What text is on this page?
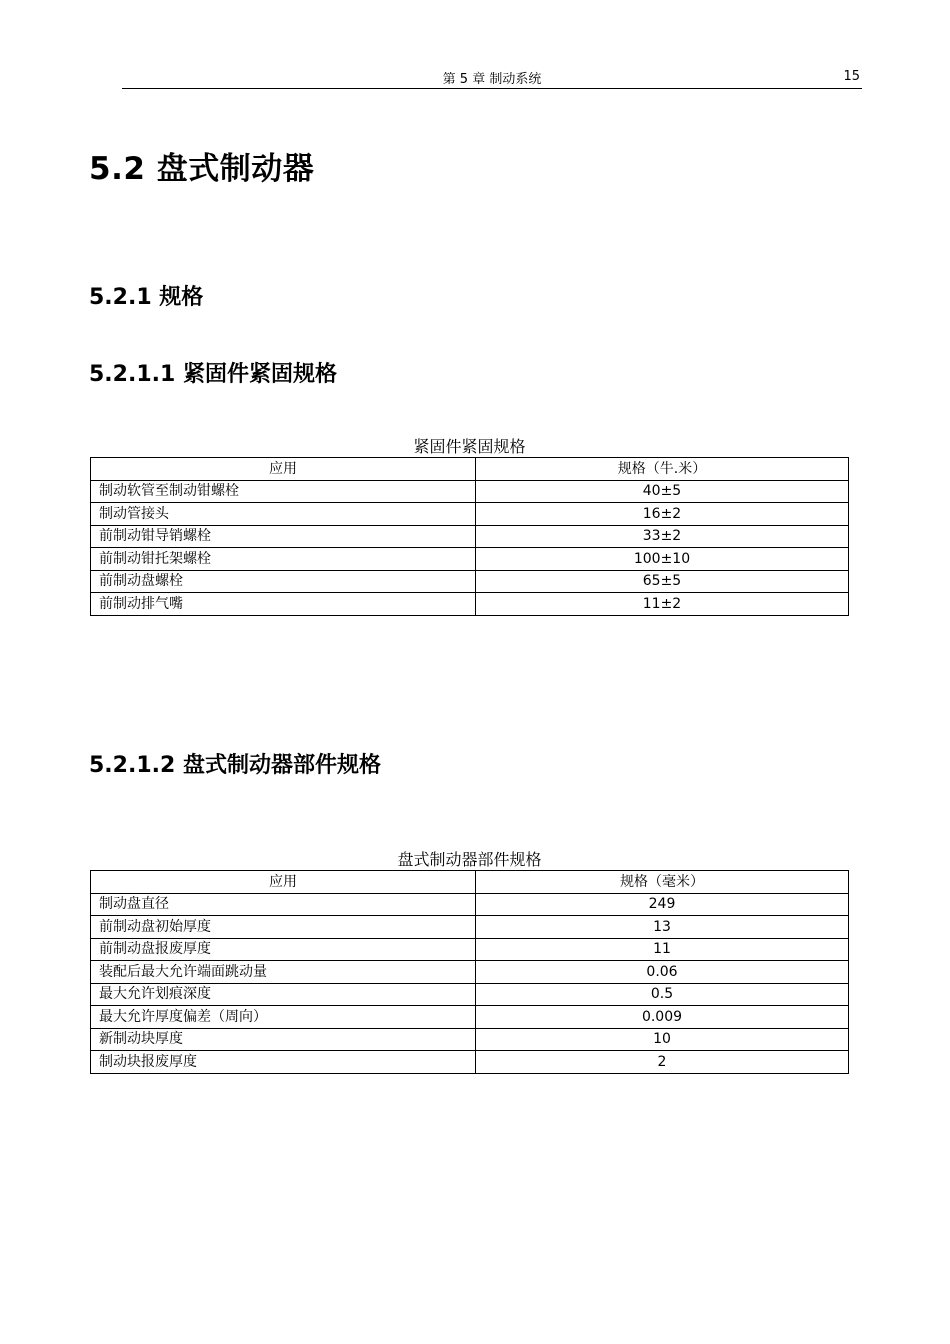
第 5 章 制动系统	15
5.2 盘式制动器
5.2.1 规格
5.2.1.1 紧固件紧固规格
紧固件紧固规格
应用	规格（牛.米）
制动软管至制动钳螺栓	40±5
制动管接头	16±2
前制动钳导销螺栓	33±2
前制动钳托架螺栓	100±10
前制动盘螺栓	65±5
前制动排气嘴	11±2
5.2.1.2 盘式制动器部件规格
盘式制动器部件规格
应用	规格（毫米）
制动盘直径	249
前制动盘初始厚度	13
前制动盘报废厚度	11
装配后最大允许端面跳动量	0.06
最大允许划痕深度	0.5
最大允许厚度偏差（周向）	0.009
新制动块厚度	10
制动块报废厚度	2
